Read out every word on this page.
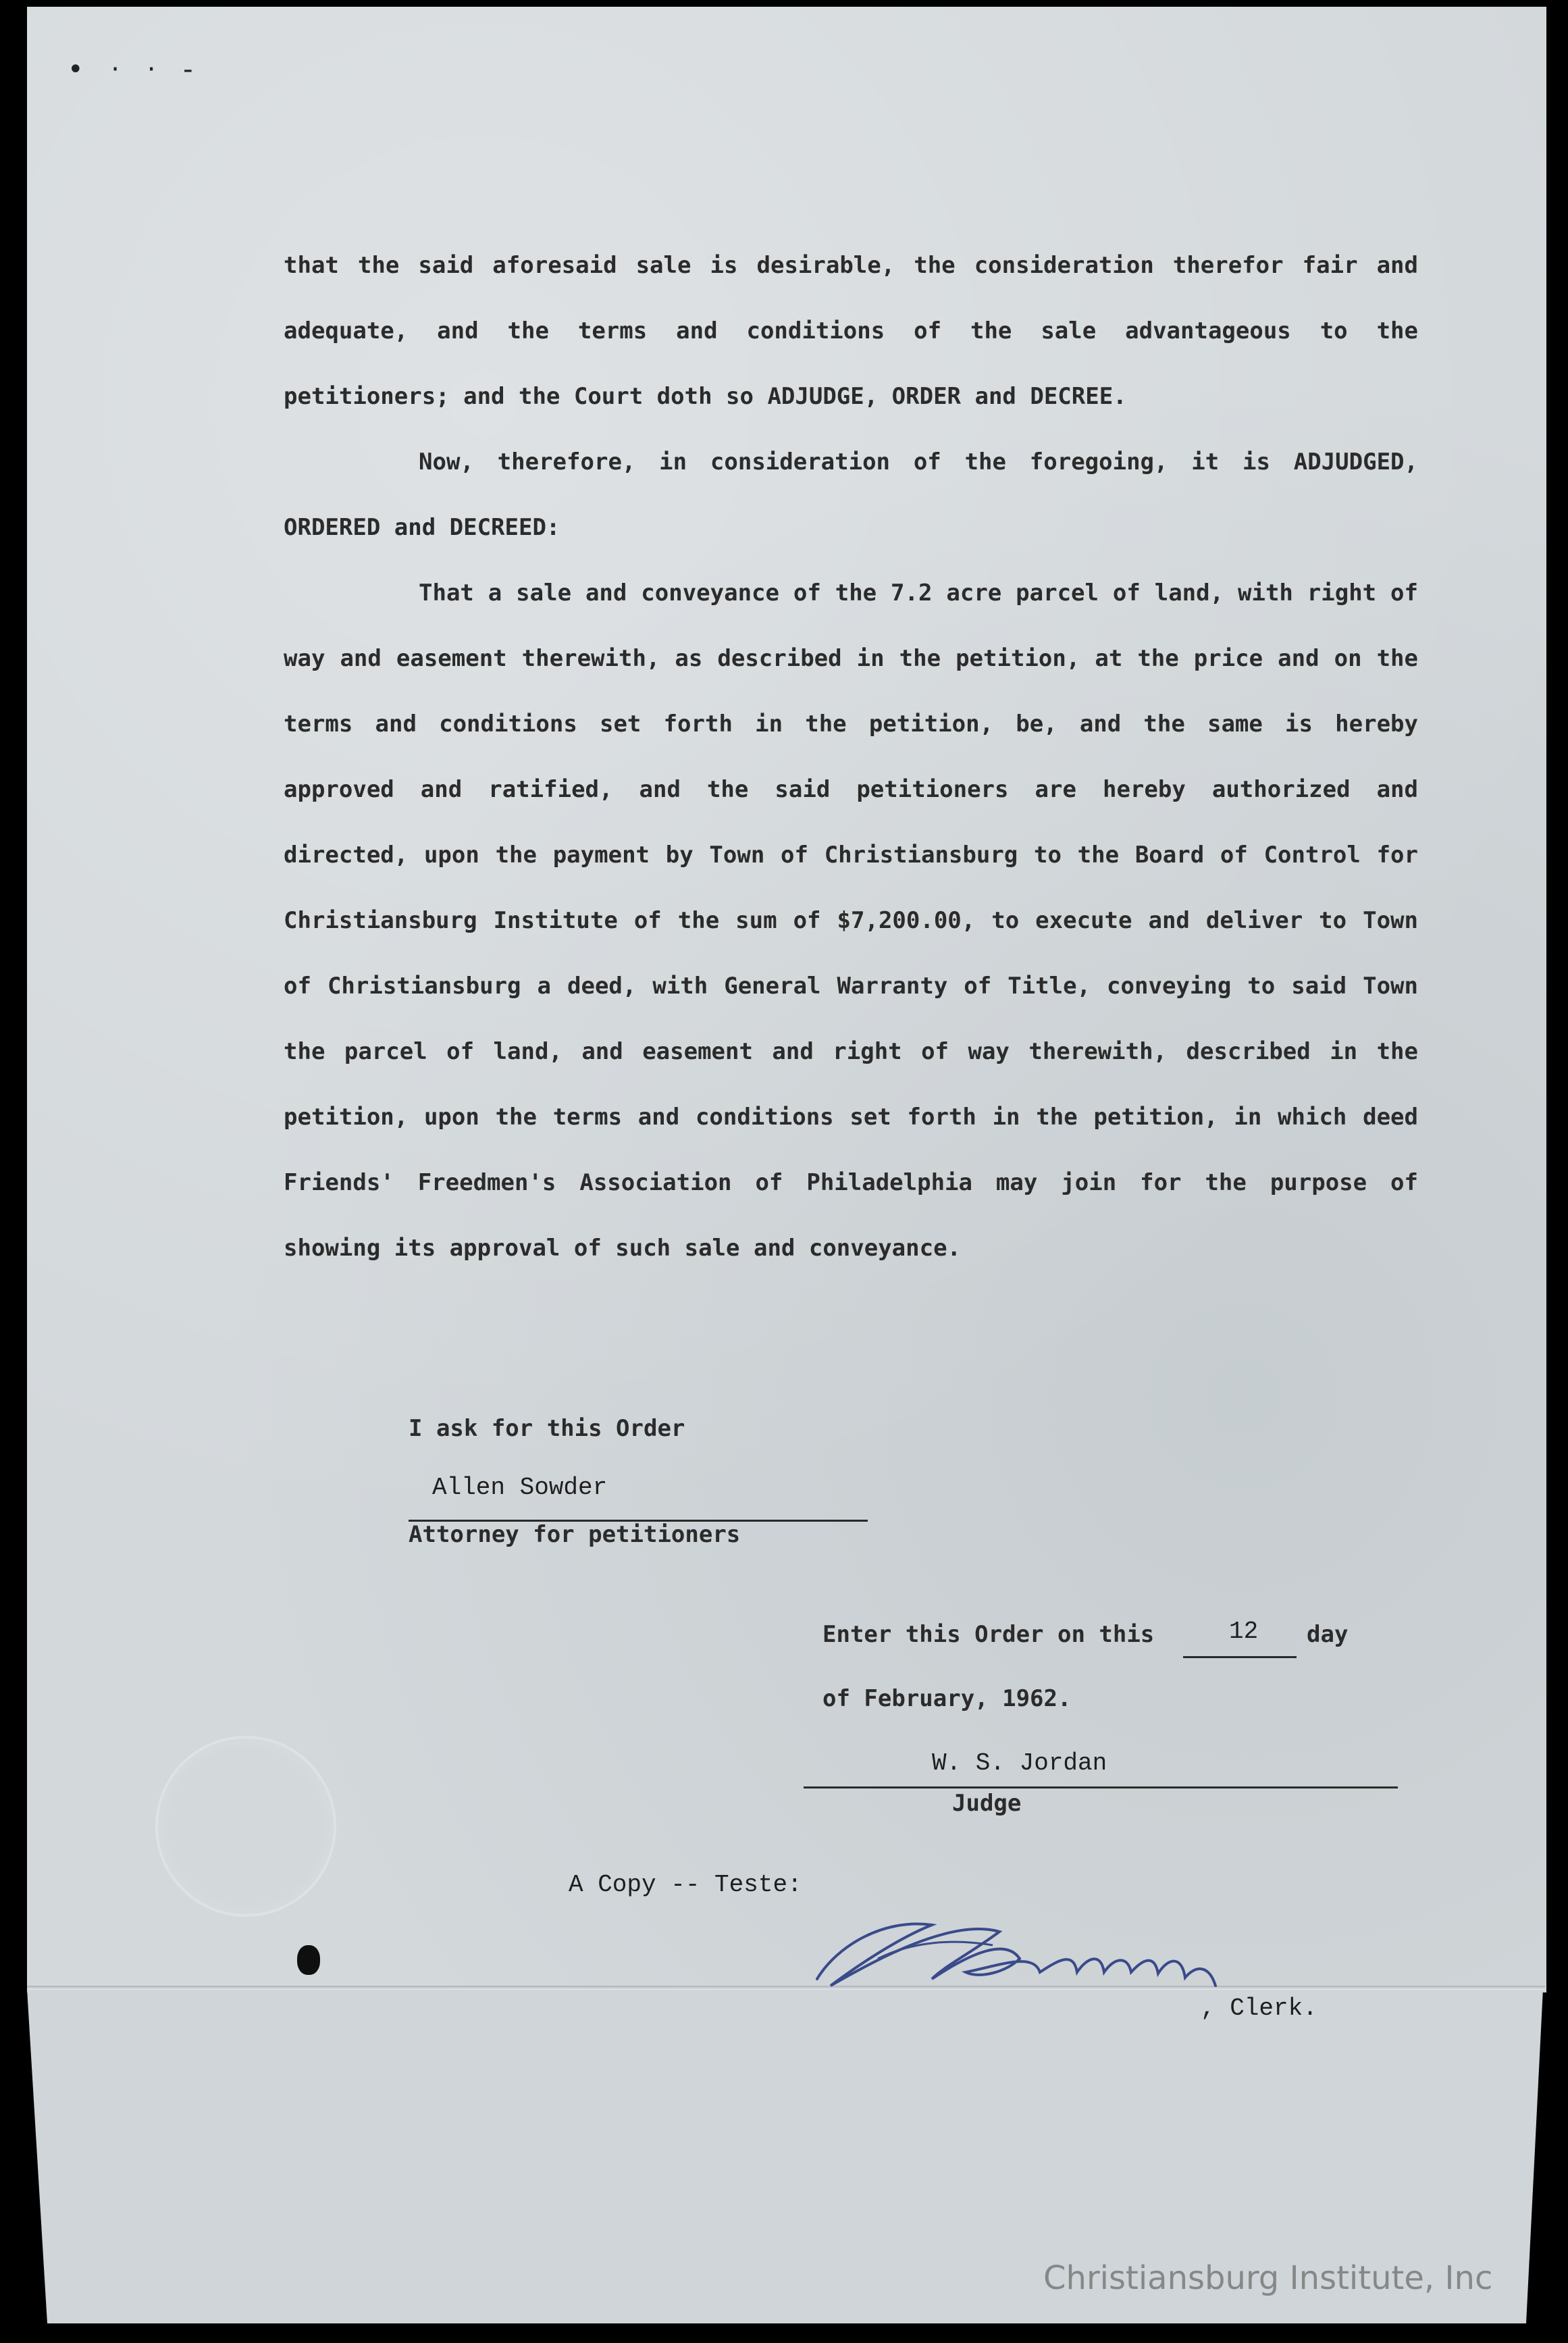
• · · -

that the said aforesaid sale is desirable, the consideration therefor fair and adequate, and the terms and conditions of the sale advantageous to the petitioners; and the Court doth so ADJUDGE, ORDER and DECREE.

Now, therefore, in consideration of the foregoing, it is ADJUDGED, ORDERED and DECREED:

That a sale and conveyance of the 7.2 acre parcel of land, with right of way and easement therewith, as described in the petition, at the price and on the terms and conditions set forth in the petition, be, and the same is hereby approved and ratified, and the said petitioners are hereby authorized and directed, upon the payment by Town of Christiansburg to the Board of Control for Christiansburg Institute of the sum of $7,200.00, to execute and deliver to Town of Christiansburg a deed, with General Warranty of Title, conveying to said Town the parcel of land, and easement and right of way therewith, described in the petition, upon the terms and conditions set forth in the petition, in which deed Friends' Freedmen's Association of Philadelphia may join for the purpose of showing its approval of such sale and conveyance.

I ask for this Order
Allen Sowder
Attorney for petitioners
Enter this Order on this	12 day
of February, 1962.
W. S. Jordan
Judge
A Copy -- Teste:
, Clerk.
Christiansburg Institute, Inc
